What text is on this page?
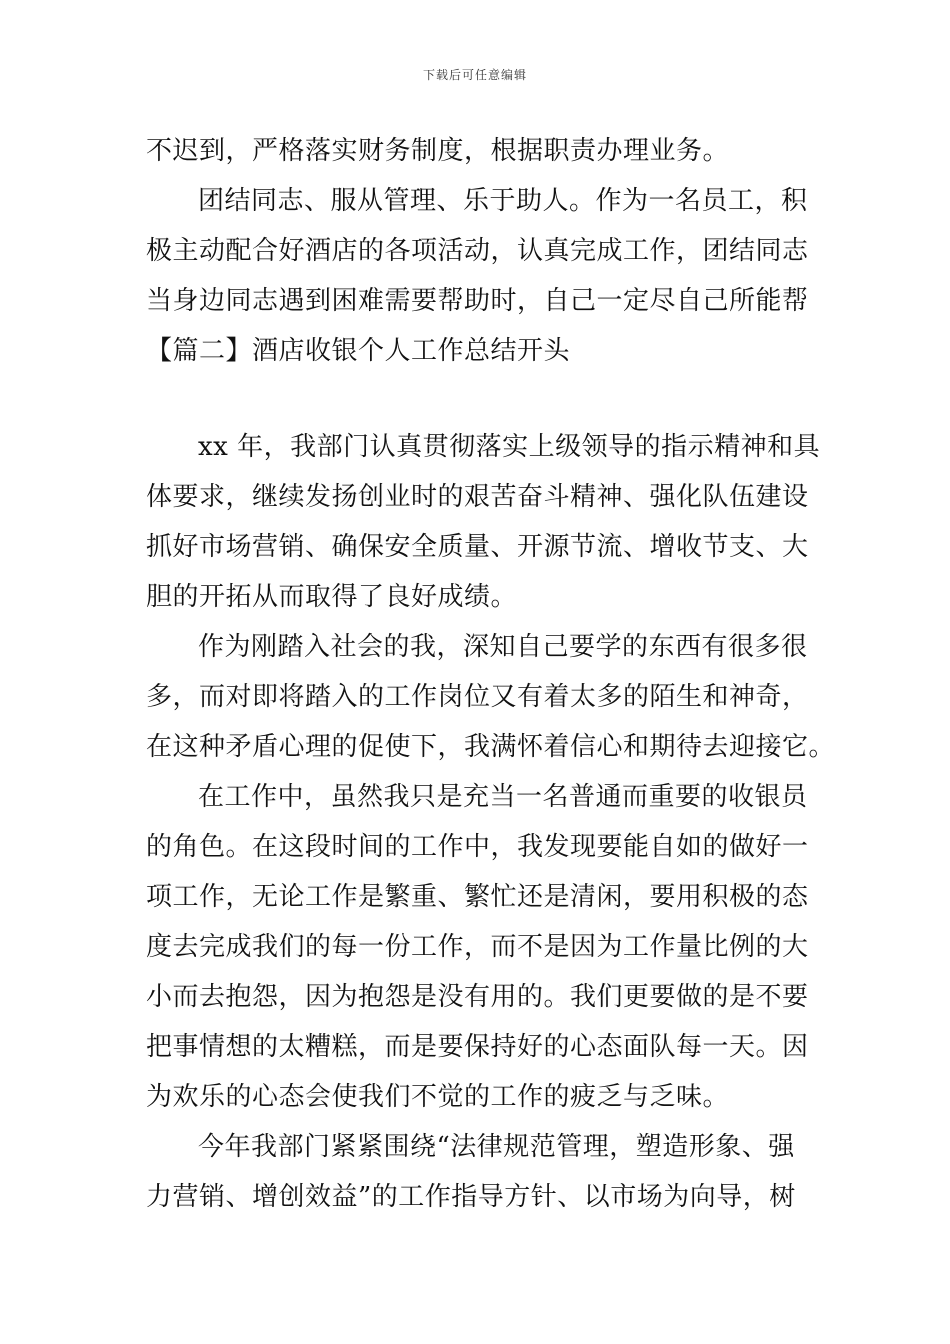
下载后可任意编辑
不迟到，严格落实财务制度，根据职责办理业务。
团结同志、服从管理、乐于助人。作为一名员工，积
极主动配合好酒店的各项活动，认真完成工作，团结同志
当身边同志遇到困难需要帮助时，自己一定尽自己所能帮
【篇二】酒店收银个人工作总结开头
xx 年，我部门认真贯彻落实上级领导的指示精神和具
体要求，继续发扬创业时的艰苦奋斗精神、强化队伍建设
抓好市场营销、确保安全质量、开源节流、增收节支、大
胆的开拓从而取得了良好成绩。
作为刚踏入社会的我，深知自己要学的东西有很多很
多，而对即将踏入的工作岗位又有着太多的陌生和神奇，
在这种矛盾心理的促使下，我满怀着信心和期待去迎接它。
在工作中，虽然我只是充当一名普通而重要的收银员
的角色。在这段时间的工作中，我发现要能自如的做好一
项工作，无论工作是繁重、繁忙还是清闲，要用积极的态
度去完成我们的每一份工作，而不是因为工作量比例的大
小而去抱怨，因为抱怨是没有用的。我们更要做的是不要
把事情想的太糟糕，而是要保持好的心态面队每一天。因
为欢乐的心态会使我们不觉的工作的疲乏与乏味。
今年我部门紧紧围绕“法律规范管理，塑造形象、强
力营销、增创效益”的工作指导方针、以市场为向导，树
